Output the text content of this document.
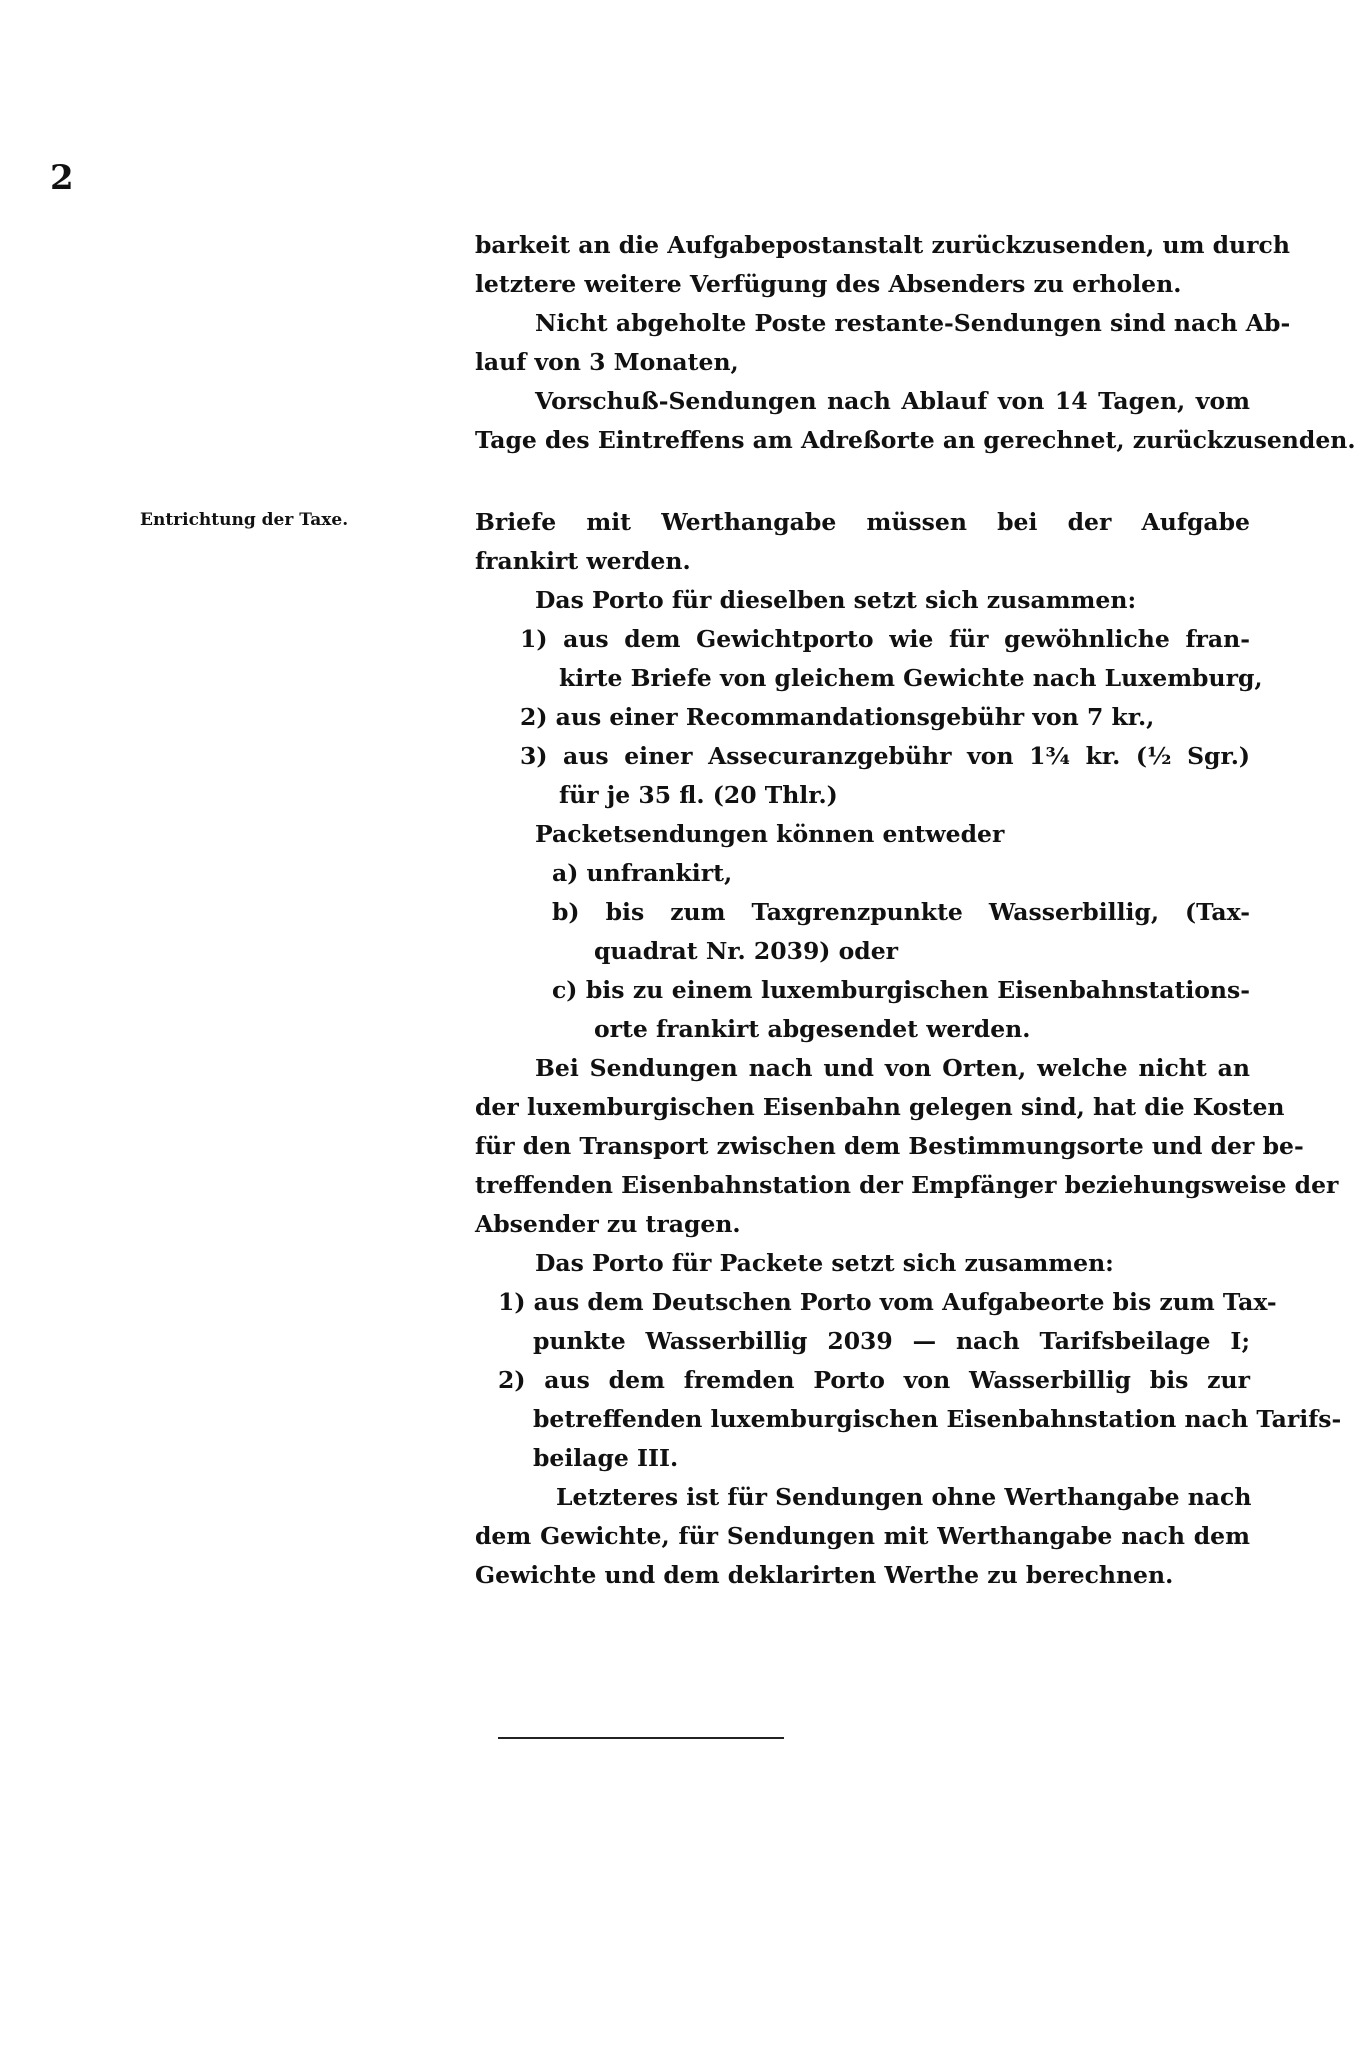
2
Entrichtung der Taxe.
barkeit an die Aufgabepostanstalt zurückzusenden, um durch
letztere weitere Verfügung des Absenders zu erholen.
Nicht abgeholte Poste restante-Sendungen sind nach Ab-
lauf von 3 Monaten,
Vorschuß-Sendungen nach Ablauf von 14 Tagen, vom
Tage des Eintreffens am Adreßorte an gerechnet, zurückzusenden.
Briefe mit Werthangabe müssen bei der Aufgabe
frankirt werden.
Das Porto für dieselben setzt sich zusammen:
1) aus dem Gewichtporto wie für gewöhnliche fran-
kirte Briefe von gleichem Gewichte nach Luxemburg,
2) aus einer Recommandationsgebühr von 7 kr.,
3) aus einer Assecuranzgebühr von 1¾ kr. (½ Sgr.)
für je 35 fl. (20 Thlr.)
Packetsendungen können entweder
a) unfrankirt,
b) bis zum Taxgrenzpunkte Wasserbillig, (Tax-
quadrat Nr. 2039) oder
c) bis zu einem luxemburgischen Eisenbahnstations-
orte frankirt abgesendet werden.
Bei Sendungen nach und von Orten, welche nicht an
der luxemburgischen Eisenbahn gelegen sind, hat die Kosten
für den Transport zwischen dem Bestimmungsorte und der be-
treffenden Eisenbahnstation der Empfänger beziehungsweise der
Absender zu tragen.
Das Porto für Packete setzt sich zusammen:
1) aus dem Deutschen Porto vom Aufgabeorte bis zum Tax-
punkte Wasserbillig 2039 — nach Tarifsbeilage I;
2) aus dem fremden Porto von Wasserbillig bis zur
betreffenden luxemburgischen Eisenbahnstation nach Tarifs-
beilage III.
Letzteres ist für Sendungen ohne Werthangabe nach
dem Gewichte, für Sendungen mit Werthangabe nach dem
Gewichte und dem deklarirten Werthe zu berechnen.
